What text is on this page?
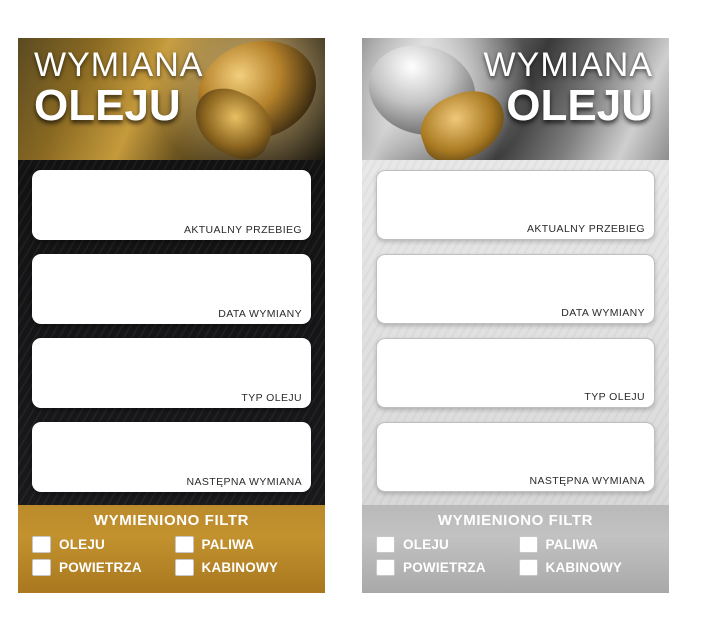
WYMIANA
OLEJU
AKTUALNY PRZEBIEG
DATA WYMIANY
TYP OLEJU
NASTĘPNA WYMIANA
WYMIENIONO FILTR
OLEJU	PALIWA
POWIETRZA	KABINOWY
WYMIANA
OLEJU
AKTUALNY PRZEBIEG
DATA WYMIANY
TYP OLEJU
NASTĘPNA WYMIANA
WYMIENIONO FILTR
OLEJU	PALIWA
POWIETRZA	KABINOWY
